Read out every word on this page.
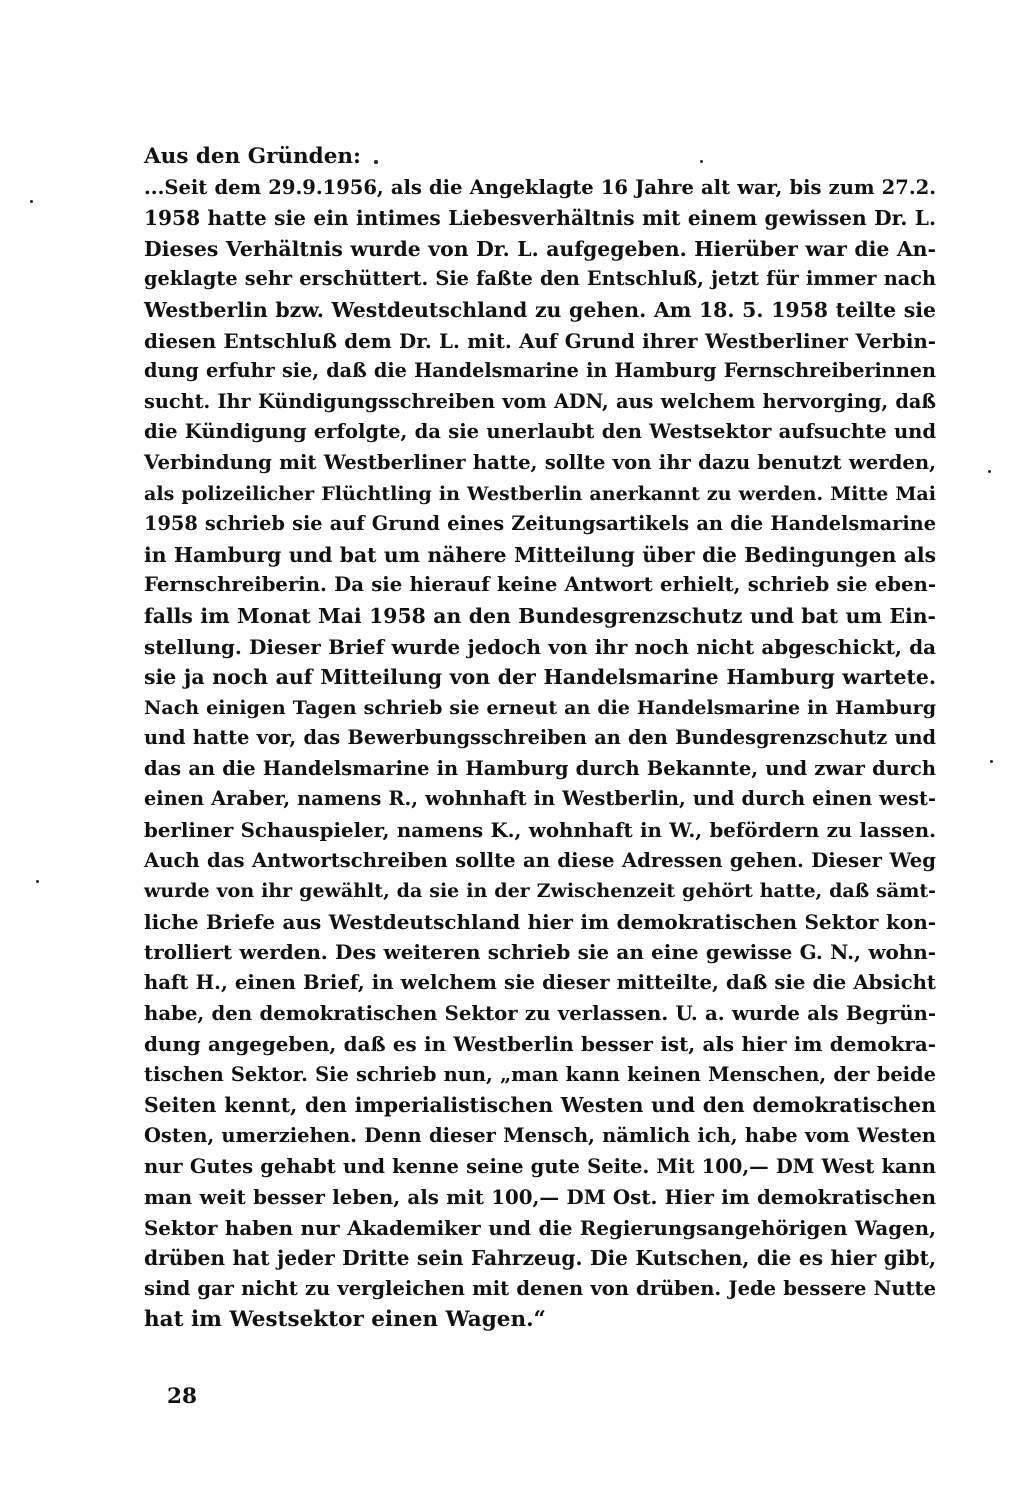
Aus den Gründen:
...Seit dem 29.9.1956, als die Angeklagte 16 Jahre alt war, bis zum 27.2.
1958 hatte sie ein intimes Liebesverhältnis mit einem gewissen Dr. L.
Dieses Verhältnis wurde von Dr. L. aufgegeben. Hierüber war die An-
geklagte sehr erschüttert. Sie faßte den Entschluß, jetzt für immer nach
Westberlin bzw. Westdeutschland zu gehen. Am 18. 5. 1958 teilte sie
diesen Entschluß dem Dr. L. mit. Auf Grund ihrer Westberliner Verbin-
dung erfuhr sie, daß die Handelsmarine in Hamburg Fernschreiberinnen
sucht. Ihr Kündigungsschreiben vom ADN, aus welchem hervorging, daß
die Kündigung erfolgte, da sie unerlaubt den Westsektor aufsuchte und
Verbindung mit Westberliner hatte, sollte von ihr dazu benutzt werden,
als polizeilicher Flüchtling in Westberlin anerkannt zu werden. Mitte Mai
1958 schrieb sie auf Grund eines Zeitungsartikels an die Handelsmarine
in Hamburg und bat um nähere Mitteilung über die Bedingungen als
Fernschreiberin. Da sie hierauf keine Antwort erhielt, schrieb sie eben-
falls im Monat Mai 1958 an den Bundesgrenzschutz und bat um Ein-
stellung. Dieser Brief wurde jedoch von ihr noch nicht abgeschickt, da
sie ja noch auf Mitteilung von der Handelsmarine Hamburg wartete.
Nach einigen Tagen schrieb sie erneut an die Handelsmarine in Hamburg
und hatte vor, das Bewerbungsschreiben an den Bundesgrenzschutz und
das an die Handelsmarine in Hamburg durch Bekannte, und zwar durch
einen Araber, namens R., wohnhaft in Westberlin, und durch einen west-
berliner Schauspieler, namens K., wohnhaft in W., befördern zu lassen.
Auch das Antwortschreiben sollte an diese Adressen gehen. Dieser Weg
wurde von ihr gewählt, da sie in der Zwischenzeit gehört hatte, daß sämt-
liche Briefe aus Westdeutschland hier im demokratischen Sektor kon-
trolliert werden. Des weiteren schrieb sie an eine gewisse G. N., wohn-
haft H., einen Brief, in welchem sie dieser mitteilte, daß sie die Absicht
habe, den demokratischen Sektor zu verlassen. U. a. wurde als Begrün-
dung angegeben, daß es in Westberlin besser ist, als hier im demokra-
tischen Sektor. Sie schrieb nun, „man kann keinen Menschen, der beide
Seiten kennt, den imperialistischen Westen und den demokratischen
Osten, umerziehen. Denn dieser Mensch, nämlich ich, habe vom Westen
nur Gutes gehabt und kenne seine gute Seite. Mit 100,— DM West kann
man weit besser leben, als mit 100,— DM Ost. Hier im demokratischen
Sektor haben nur Akademiker und die Regierungsangehörigen Wagen,
drüben hat jeder Dritte sein Fahrzeug. Die Kutschen, die es hier gibt,
sind gar nicht zu vergleichen mit denen von drüben. Jede bessere Nutte
hat im Westsektor einen Wagen.“
28
